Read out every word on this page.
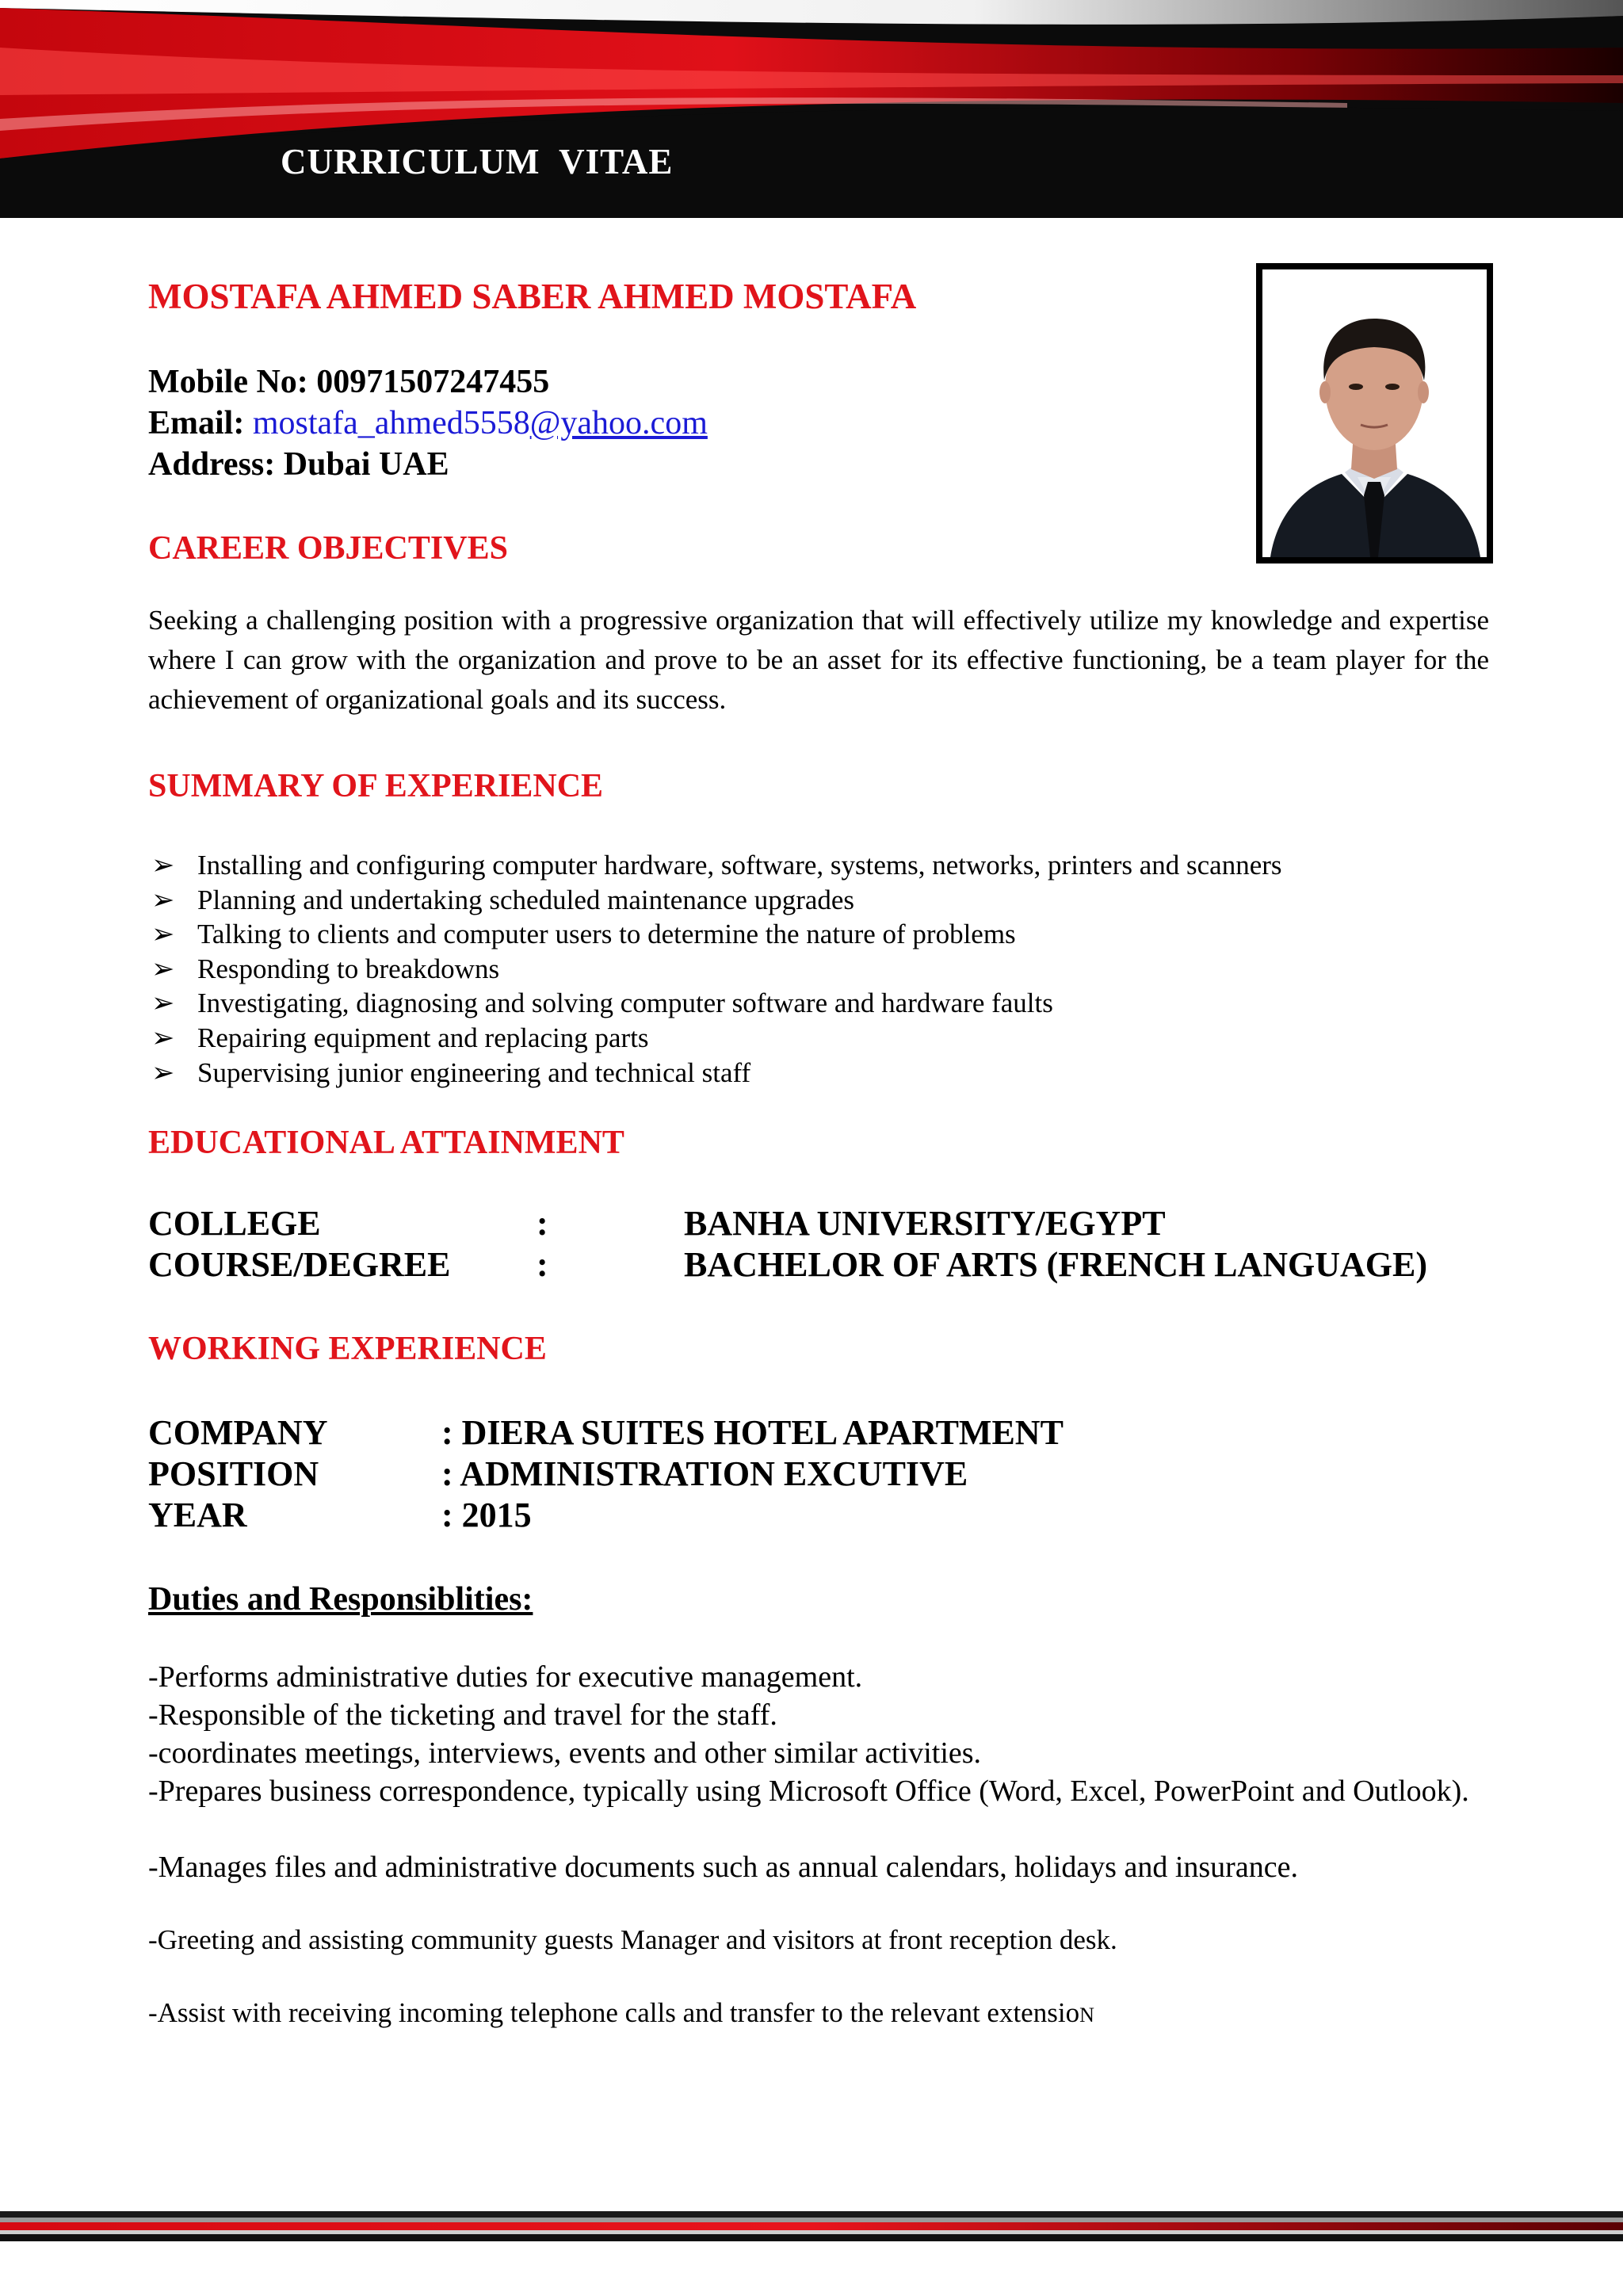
CURRICULUM  VITAE
MOSTAFA AHMED SABER AHMED MOSTAFA
Mobile No: 00971507247455
Email: mostafa_ahmed5558@yahoo.com
Address: Dubai UAE
CAREER OBJECTIVES
Seeking a challenging position with a progressive organization that will effectively utilize my knowledge and expertise where I can grow with the organization and prove to be an asset for its effective functioning, be a team player for the achievement of organizational goals and its success.
SUMMARY OF EXPERIENCE
➢ Installing and configuring computer hardware, software, systems, networks, printers and scanners
➢ Planning and undertaking scheduled maintenance upgrades
➢ Talking to clients and computer users to determine the nature of problems
➢ Responding to breakdowns
➢ Investigating, diagnosing and solving computer software and hardware faults
➢ Repairing equipment and replacing parts
➢ Supervising junior engineering and technical staff
EDUCATIONAL ATTAINMENT
COLLEGE	:	BANHA UNIVERSITY/EGYPT
COURSE/DEGREE	:	BACHELOR OF ARTS (FRENCH LANGUAGE)
WORKING EXPERIENCE
COMPANY	: DIERA SUITES HOTEL APARTMENT
POSITION	: ADMINISTRATION EXCUTIVE
YEAR	: 2015
Duties and Responsiblities:

-Performs administrative duties for executive management.

-Responsible of the ticketing and travel for the staff.

-coordinates meetings, interviews, events and other similar activities.

-Prepares business correspondence, typically using Microsoft Office (Word, Excel, PowerPoint and Outlook).

-Manages files and administrative documents such as annual calendars, holidays and insurance.

-Greeting and assisting community guests Manager and visitors at front reception desk.

-Assist with receiving incoming telephone calls and transfer to the relevant extensioN
